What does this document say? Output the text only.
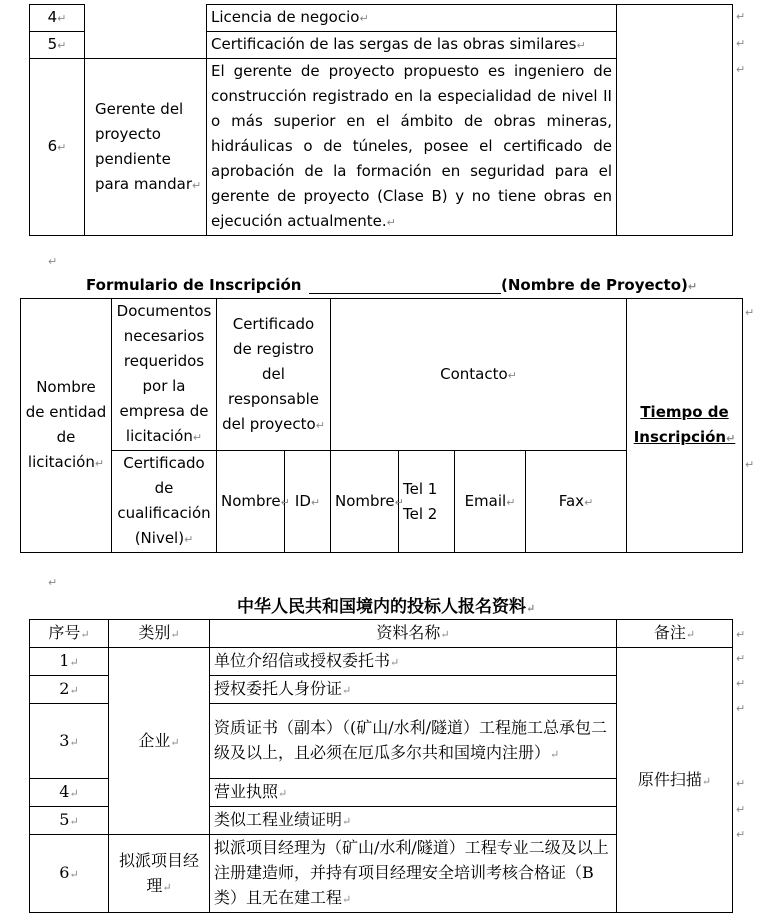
4↵		Licencia de negocio↵	
5↵		Certificación de las sergas de las obras similares↵	
6↵	Gerente del proyecto pendiente para mandar↵	El gerente de proyecto propuesto es ingeniero de construcción registrado en la especialidad de nivel II o más superior en el ámbito de obras mineras, hidráulicas o de túneles, posee el certificado de aprobación de la formación en seguridad para el gerente de proyecto (Clase B) y no tiene obras en ejecución actualmente.↵	
↵
↵
↵
↵
Formulario de Inscripción	(Nombre de Proyecto)↵
Nombre de entidad de licitación↵	Documentos necesarios requeridos por la empresa de licitación↵	Certificado de registro del responsable del proyecto↵		Contacto↵				Tiempo de Inscripción↵
	Certificado de cualificación (Nivel)↵	Nombre↵	ID↵	Nombre↵	Tel 1 Tel 2	Email↵	Fax↵	
↵
↵
↵
中华人民共和国境内的投标人报名资料↵
序号↵	类别↵	资料名称↵	备注↵
1↵	企业↵	单位介绍信或授权委托书↵	原件扫描↵
2↵		授权委托人身份证↵	
3↵		资质证书（副本）（(矿山/水利/隧道）工程施工总承包二级及以上，且必须在厄瓜多尔共和国境内注册）↵	
4↵		营业执照↵	
5↵		类似工程业绩证明↵	
6↵	拟派项目经理↵	拟派项目经理为（矿山/水利/隧道）工程专业二级及以上注册建造师，并持有项目经理安全培训考核合格证（B 类）且无在建工程↵	
↵
↵
↵
↵
↵
↵
↵
